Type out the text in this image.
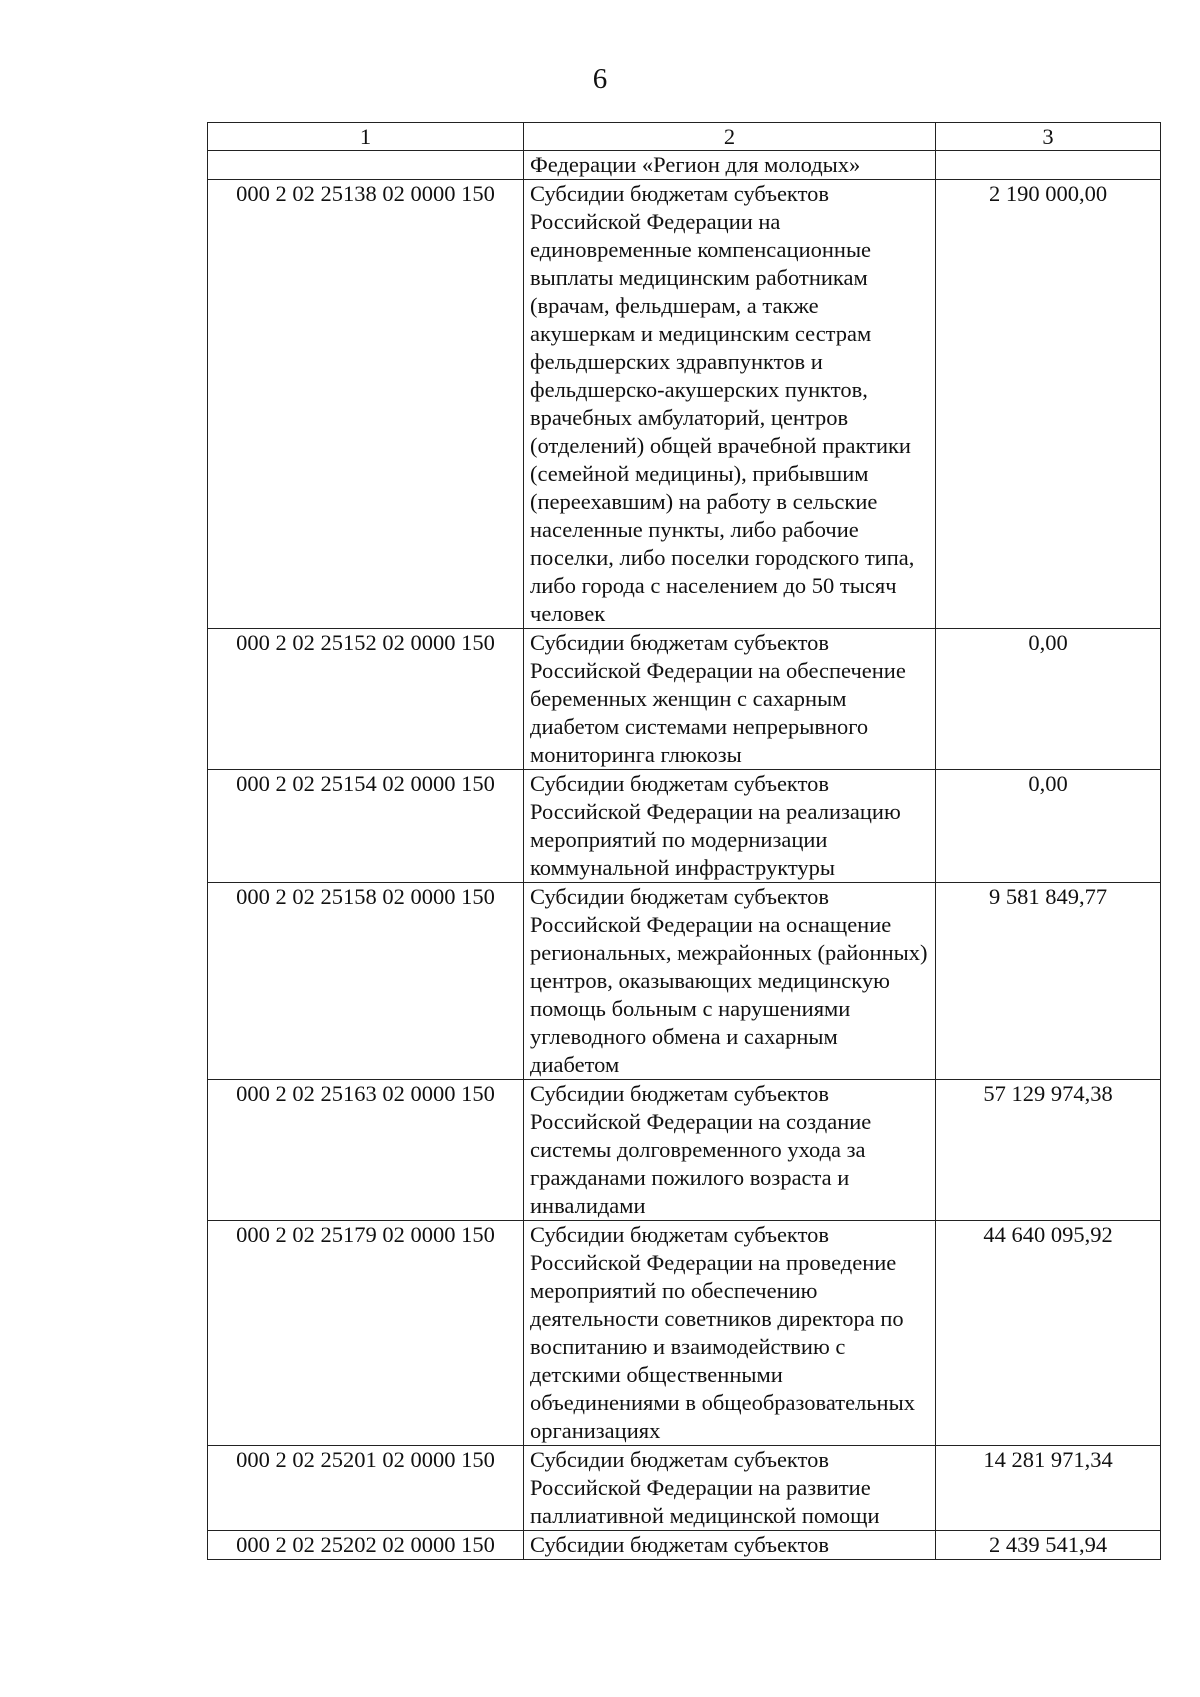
6
1	2	3
	Федерации «Регион для молодых»	
000 2 02 25138 02 0000 150	Субсидии бюджетам субъектов Российской Федерации на единовременные компенсационные выплаты медицинским работникам (врачам, фельдшерам, а также акушеркам и медицинским сестрам фельдшерских здравпунктов и фельдшерско-акушерских пунктов, врачебных амбулаторий, центров (отделений) общей врачебной практики (семейной медицины), прибывшим (переехавшим) на работу в сельские населенные пункты, либо рабочие поселки, либо поселки городского типа, либо города с населением до 50 тысяч человек	2 190 000,00
000 2 02 25152 02 0000 150	Субсидии бюджетам субъектов Российской Федерации на обеспечение беременных женщин с сахарным диабетом системами непрерывного мониторинга глюкозы	0,00
000 2 02 25154 02 0000 150	Субсидии бюджетам субъектов Российской Федерации на реализацию мероприятий по модернизации коммунальной инфраструктуры	0,00
000 2 02 25158 02 0000 150	Субсидии бюджетам субъектов Российской Федерации на оснащение региональных, межрайонных (районных) центров, оказывающих медицинскую помощь больным с нарушениями углеводного обмена и сахарным диабетом	9 581 849,77
000 2 02 25163 02 0000 150	Субсидии бюджетам субъектов Российской Федерации на создание системы долговременного ухода за гражданами пожилого возраста и инвалидами	57 129 974,38
000 2 02 25179 02 0000 150	Субсидии бюджетам субъектов Российской Федерации на проведение мероприятий по обеспечению деятельности советников директора по воспитанию и взаимодействию с детскими общественными объединениями в общеобразовательных организациях	44 640 095,92
000 2 02 25201 02 0000 150	Субсидии бюджетам субъектов Российской Федерации на развитие паллиативной медицинской помощи	14 281 971,34
000 2 02 25202 02 0000 150	Субсидии бюджетам субъектов	2 439 541,94
